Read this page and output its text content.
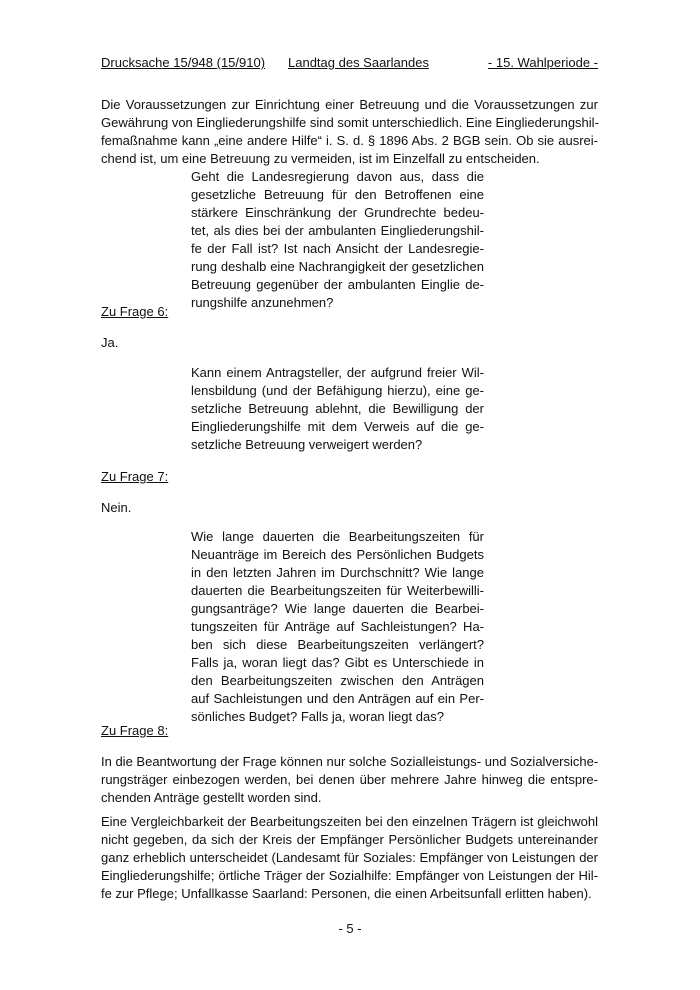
Drucksache 15/948 (15/910) Landtag des Saarlandes	- 15. Wahlperiode -
Die Voraussetzungen zur Einrichtung einer Betreuung und die Voraussetzungen zur
Gewährung von Eingliederungshilfe sind somit unterschiedlich. Eine Eingliederungshil-
femaßnahme kann „eine andere Hilfe“ i. S. d. § 1896 Abs. 2 BGB sein. Ob sie ausrei-
chend ist, um eine Betreuung zu vermeiden, ist im Einzelfall zu entscheiden.
Geht die Landesregierung davon aus, dass die
gesetzliche Betreuung für den Betroffenen eine
stärkere Einschränkung der Grundrechte bedeu-
tet, als dies bei der ambulanten Eingliederungshil-
fe der Fall ist? Ist nach Ansicht der Landesregie-
rung deshalb eine Nachrangigkeit der gesetzlichen
Betreuung gegenüber der ambulanten Einglie de-
rungshilfe anzunehmen?
Zu Frage 6:
Ja.
Kann einem Antragsteller, der aufgrund freier Wil-
lensbildung (und der Befähigung hierzu), eine ge-
setzliche Betreuung ablehnt, die Bewilligung der
Eingliederungshilfe mit dem Verweis auf die ge-
setzliche Betreuung verweigert werden?
Zu Frage 7:
Nein.
Wie lange dauerten die Bearbeitungszeiten für
Neuanträge im Bereich des Persönlichen Budgets
in den letzten Jahren im Durchschnitt? Wie lange
dauerten die Bearbeitungszeiten für Weiterbewilli-
gungsanträge? Wie lange dauerten die Bearbei-
tungszeiten für Anträge auf Sachleistungen? Ha-
ben sich diese Bearbeitungszeiten verlängert?
Falls ja, woran liegt das? Gibt es Unterschiede in
den Bearbeitungszeiten zwischen den Anträgen
auf Sachleistungen und den Anträgen auf ein Per-
sönliches Budget? Falls ja, woran liegt das?
Zu Frage 8:
In die Beantwortung der Frage können nur solche Sozialleistungs- und Sozialversiche-
rungsträger einbezogen werden, bei denen über mehrere Jahre hinweg die entspre-
chenden Anträge gestellt worden sind.
Eine Vergleichbarkeit der Bearbeitungszeiten bei den einzelnen Trägern ist gleichwohl
nicht gegeben, da sich der Kreis der Empfänger Persönlicher Budgets untereinander
ganz erheblich unterscheidet (Landesamt für Soziales: Empfänger von Leistungen der
Eingliederungshilfe; örtliche Träger der Sozialhilfe: Empfänger von Leistungen der Hil-
fe zur Pflege; Unfallkasse Saarland: Personen, die einen Arbeitsunfall erlitten haben).
- 5 -
